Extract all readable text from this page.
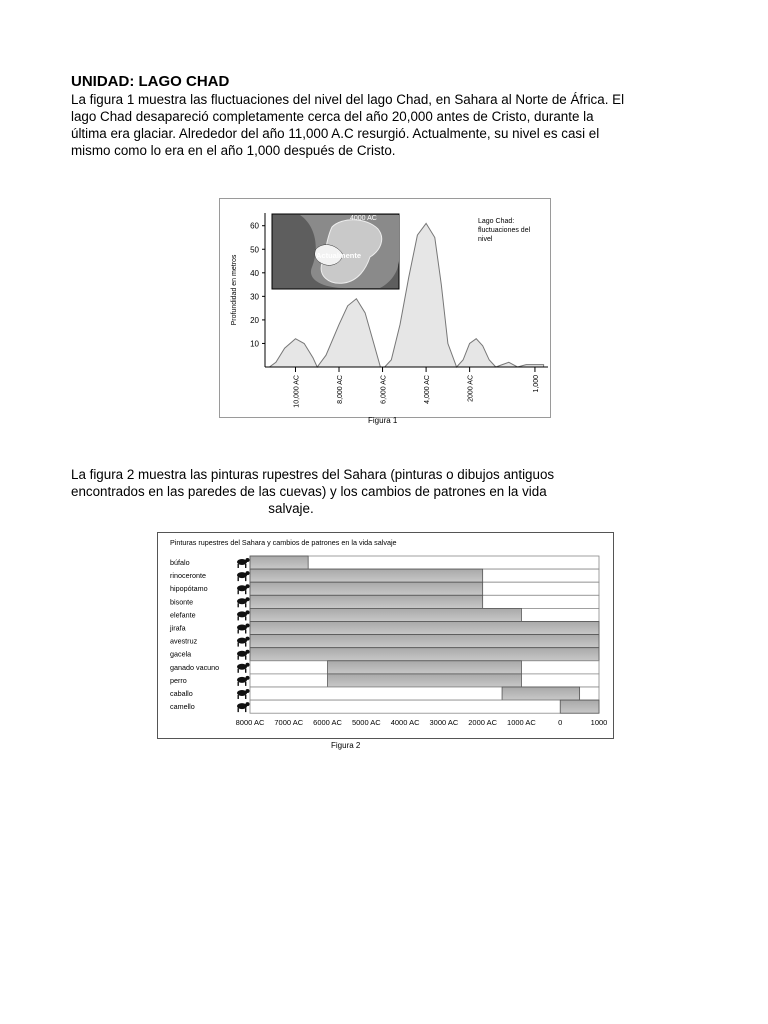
UNIDAD: LAGO CHAD
La figura 1 muestra las fluctuaciones del nivel del lago Chad, en Sahara al Norte de África. El lago Chad desapareció completamente cerca del año 20,000 antes de Cristo, durante la última era glaciar. Alrededor del año 11,000 A.C resurgió. Actualmente, su nivel es casi el mismo como lo era en el año 1,000 después de Cristo.
10
20
30
40
50
60
Profundidad en metros
10,000 AC	8,000 AC	6,000 AC	4,000 AC	2000 AC	1,000
Lago Chad:
fluctuaciones del
nivel
4000 AC
Actualmente
Figura 1
La figura 2 muestra las pinturas rupestres del Sahara (pinturas o dibujos antiguos encontrados en las paredes de las cuevas) y los cambios de patrones en la vida
salvaje.
Pinturas rupestres del Sahara y cambios de patrones en la vida salvaje
búfalo
rinoceronte
hipopótamo
bisonte
elefante
jirafa
avestruz
gacela
ganado vacuno
perro
caballo
camello
8000 AC 7000 AC 6000 AC 5000 AC 4000 AC 3000 AC 2000 AC 1000 AC	0	1000
Figura 2
